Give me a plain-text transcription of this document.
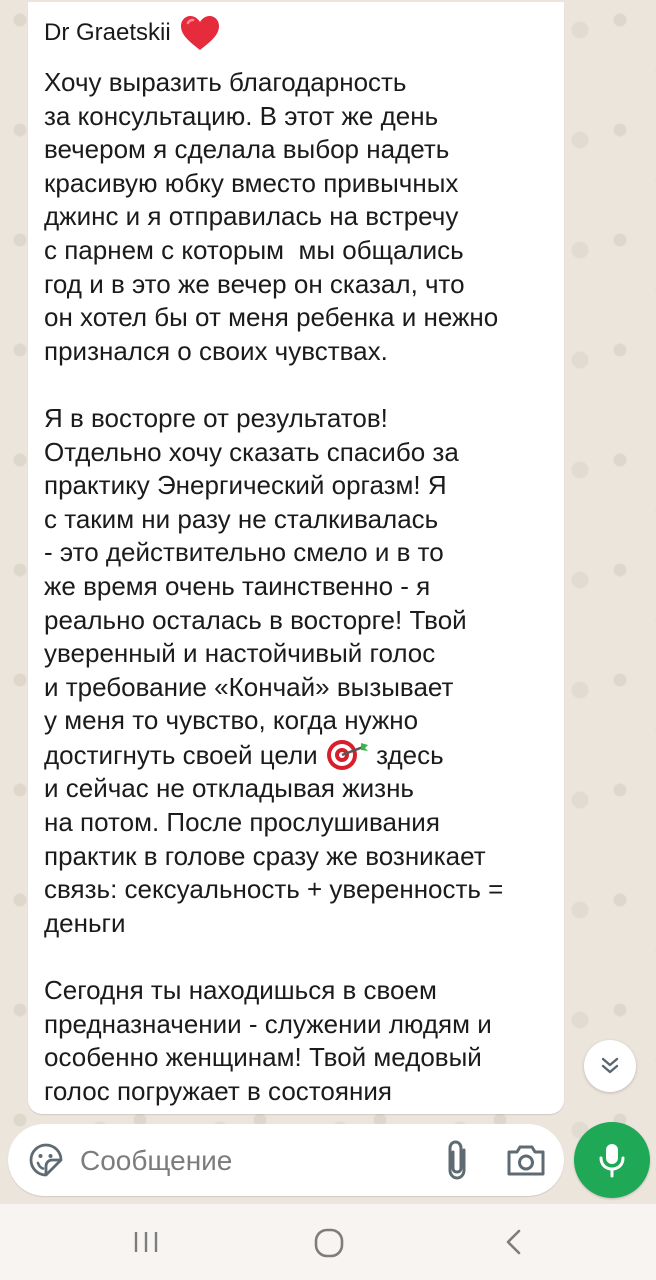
Dr Graetskii
Хочу выразить благодарность
за консультацию. В этот же день
вечером я сделала выбор надеть
красивую юбку вместо привычных
джинс и я отправилась на встречу
с парнем с которым  мы общались
год и в это же вечер он сказал, что
он хотел бы от меня ребенка и нежно
признался о своих чувствах.

Я в восторге от результатов!
Отдельно хочу сказать спасибо за
практику Энергический оргазм! Я
с таким ни разу не сталкивалась
- это действительно смело и в то
же время очень таинственно - я
реально осталась в восторге! Твой
уверенный и настойчивый голос
и требование «Кончай» вызывает
у меня то чувство, когда нужно
достигнуть своей цели  здесь
и сейчас не откладывая жизнь
на потом. После прослушивания
практик в голове сразу же возникает
связь: сексуальность + уверенность =
деньги

Сегодня ты находишься в своем
предназначении - служении людям и
особенно женщинам! Твой медовый
голос погружает в состояния
Сообщение
